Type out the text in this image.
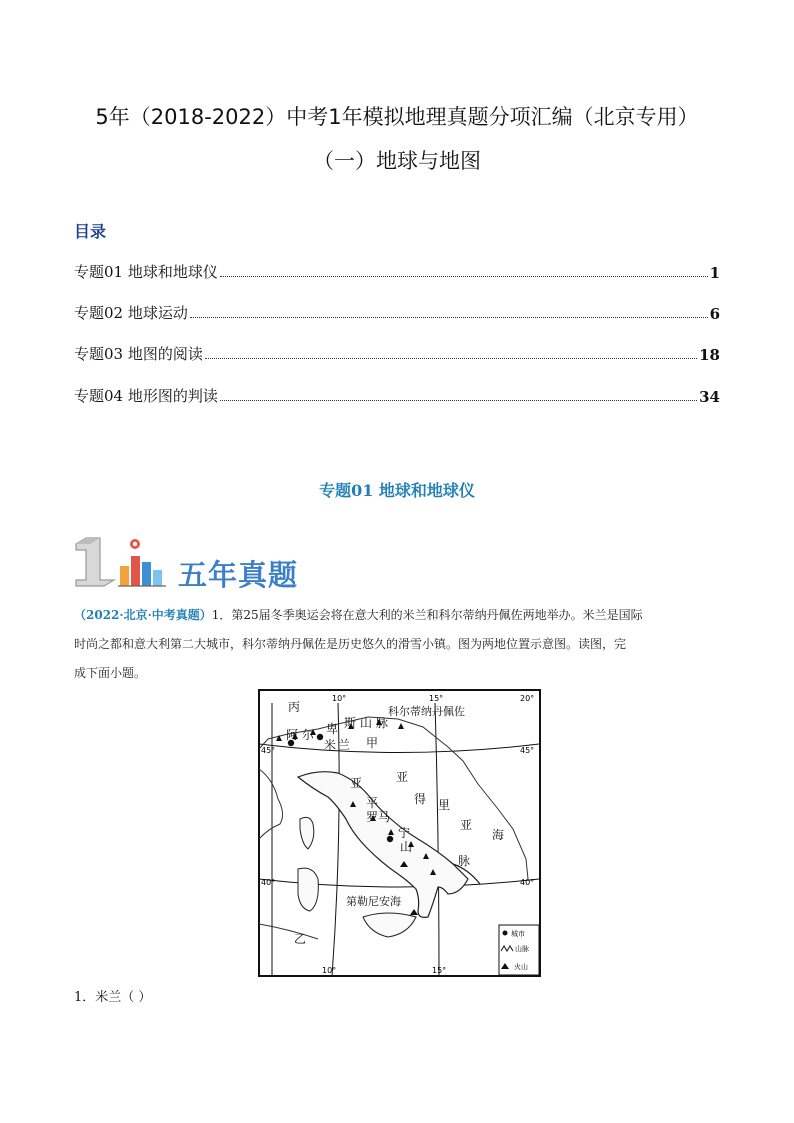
5年（2018-2022）中考1年模拟地理真题分项汇编（北京专用）
（一）地球与地图
目录
专题01 地球和地球仪	1
专题02 地球运动	6
专题03 地图的阅读	18
专题04 地形图的判读	34
专题01 地球和地球仪
五年真题
（2022·北京·中考真题）1．第25届冬季奥运会将在意大利的米兰和科尔蒂纳丹佩佐两地举办。米兰是国际
时尚之都和意大利第二大城市，科尔蒂纳丹佩佐是历史悠久的滑雪小镇。图为两地位置示意图。读图，完
成下面小题。
10°	15°	20°
10°	15°
45°	45°
40°	40°
丙
阿 尔 卑 斯 山 脉
科尔蒂纳丹佩佐
米 兰 甲
亚	亚
得 里
亚
海
平
罗马
宁
山
脉
第勒尼安海
乙	城市
山脉
火山
1．米兰（ ）
